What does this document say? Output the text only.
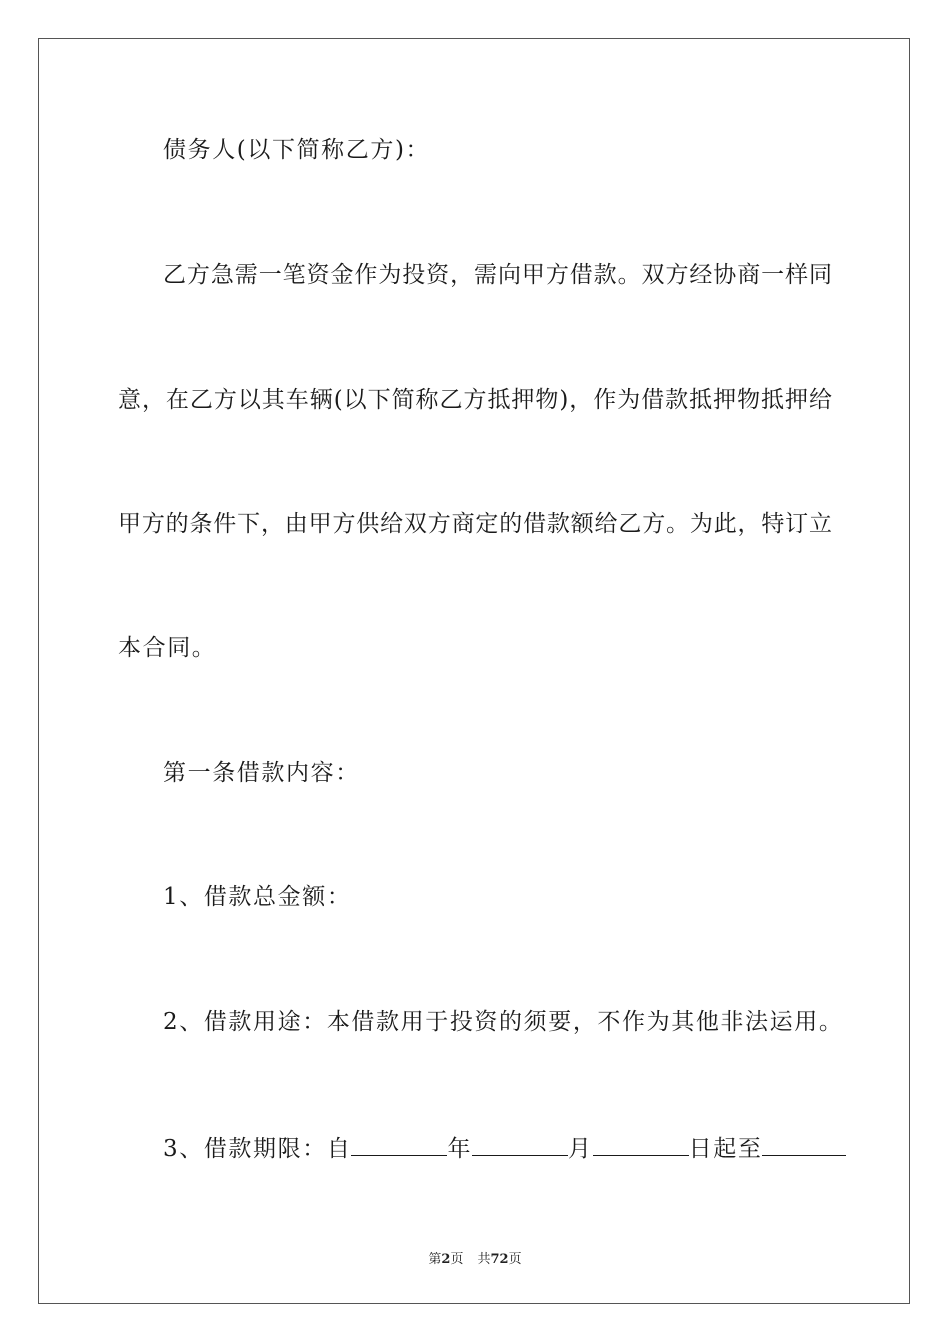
债务人(以下简称乙方)：
乙方急需一笔资金作为投资，需向甲方借款。双方经协商一样同
意，在乙方以其车辆(以下简称乙方抵押物)，作为借款抵押物抵押给
甲方的条件下，由甲方供给双方商定的借款额给乙方。为此，特订立
本合同。
第一条借款内容：
1、借款总金额：
2、借款用途：本借款用于投资的须要，不作为其他非法运用。
3、借款期限：自	年	月	日起至
第2页 共72页
